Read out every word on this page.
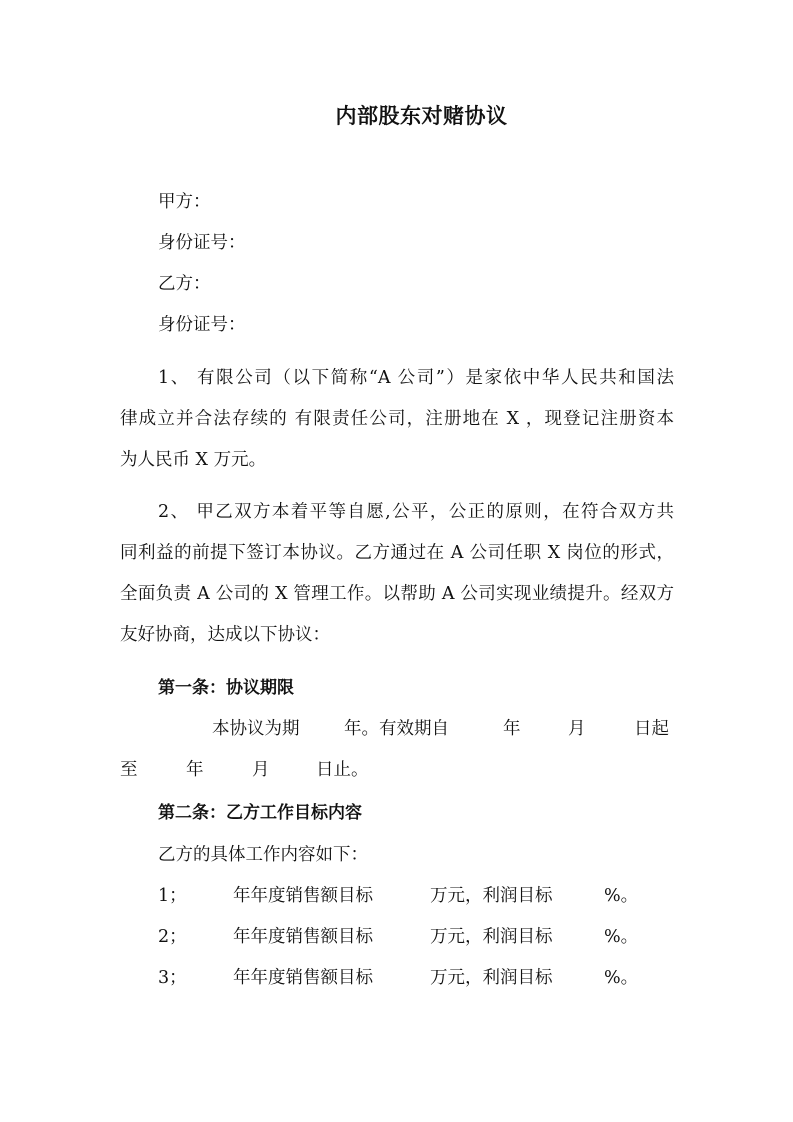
内部股东对赌协议
甲方：
身份证号：
乙方：
身份证号：
1、 有限公司（以下简称“A 公司”）是家依中华人民共和国法
律成立并合法存续的 有限责任公司，注册地在 X ，现登记注册资本
为人民币 X 万元。
2、 甲乙双方本着平等自愿,公平，公正的原则，在符合双方共
同利益的前提下签订本协议。乙方通过在 A 公司任职 X 岗位的形式，
全面负责 A 公司的 X 管理工作。以帮助 A 公司实现业绩提升。经双方
友好协商，达成以下协议：
第一条：协议期限
本协议为期	年。有效期自	年	月	日起
至	年	月	日止。
第二条：乙方工作目标内容
乙方的具体工作内容如下：
1；	年年度销售额目标	万元，利润目标	%。
2；	年年度销售额目标	万元，利润目标	%。
3；	年年度销售额目标	万元，利润目标	%。
